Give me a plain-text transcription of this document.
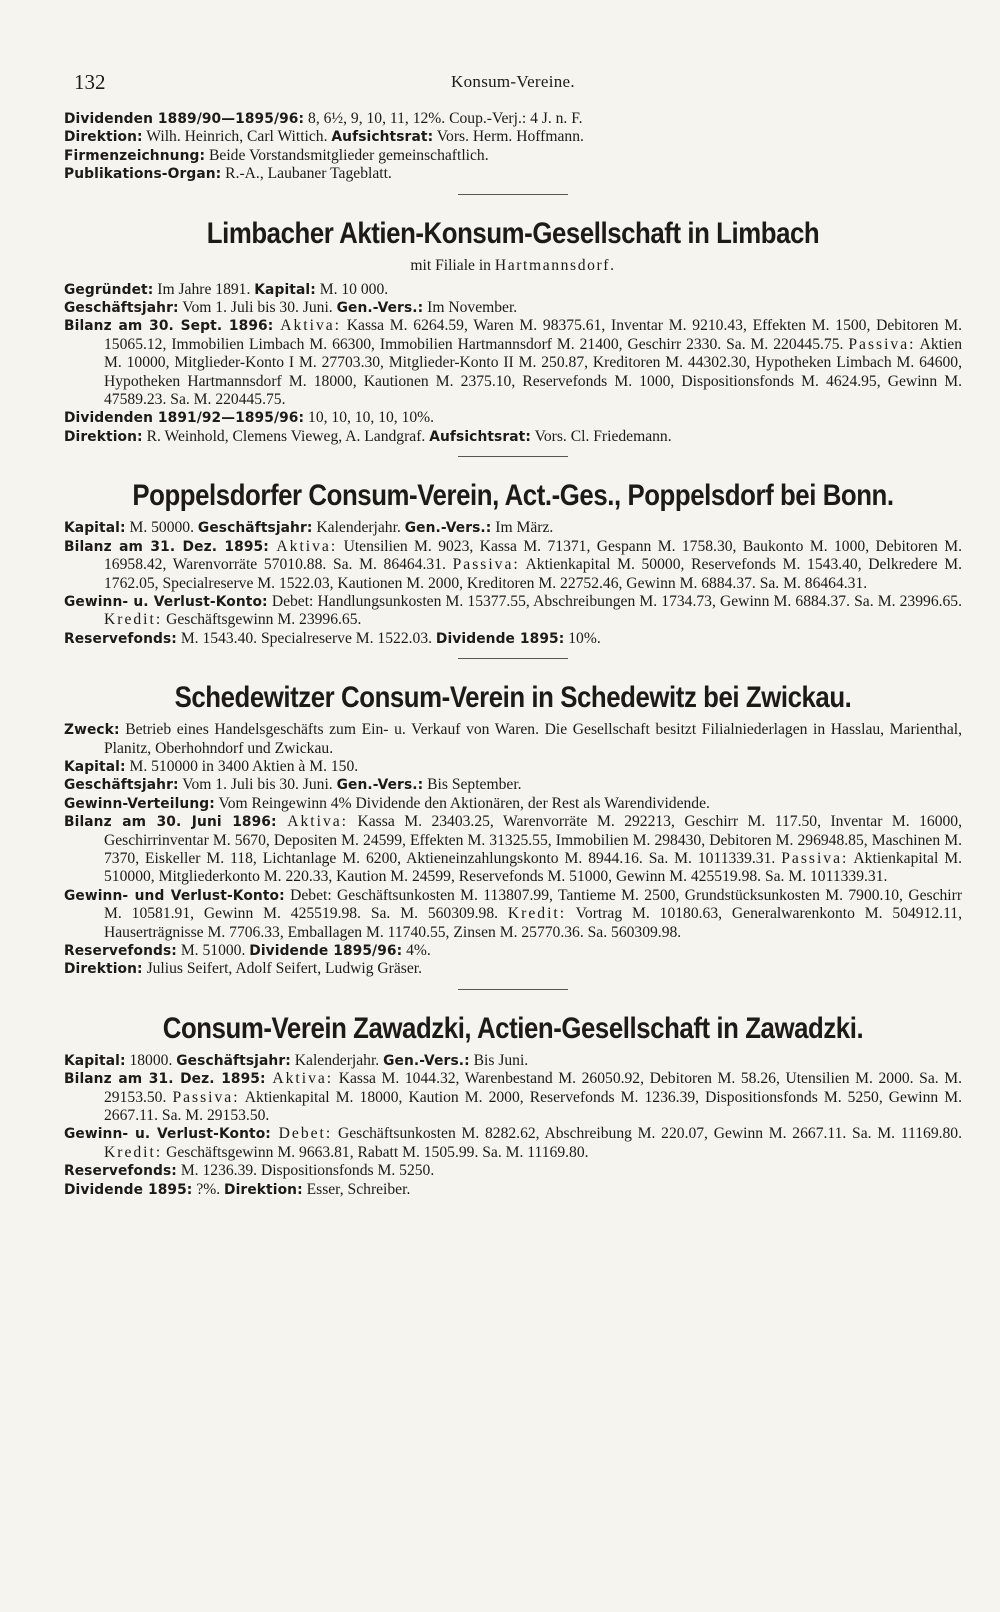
132	Konsum-Vereine.

Dividenden 1889/90—1895/96: 8, 6½, 9, 10, 11, 12%. Coup.-Verj.: 4 J. n. F.

Direktion: Wilh. Heinrich, Carl Wittich. Aufsichtsrat: Vors. Herm. Hoffmann.

Firmenzeichnung: Beide Vorstandsmitglieder gemeinschaftlich.

Publikations-Organ: R.-A., Laubaner Tageblatt.

Limbacher Aktien-Konsum-Gesellschaft in Limbach

mit Filiale in Hartmannsdorf.

Gegründet: Im Jahre 1891. Kapital: M. 10 000.

Geschäftsjahr: Vom 1. Juli bis 30. Juni. Gen.-Vers.: Im November.

Bilanz am 30. Sept. 1896: Aktiva: Kassa M. 6264.59, Waren M. 98375.61, Inventar M. 9210.43, Effekten M. 1500, Debitoren M. 15065.12, Immobilien Limbach M. 66300, Immobilien Hartmannsdorf M. 21400, Geschirr 2330. Sa. M. 220445.75. Passiva: Aktien M. 10000, Mitglieder-Konto I M. 27703.30, Mitglieder-Konto II M. 250.87, Kreditoren M. 44302.30, Hypotheken Limbach M. 64600, Hypotheken Hartmannsdorf M. 18000, Kautionen M. 2375.10, Reservefonds M. 1000, Dispositionsfonds M. 4624.95, Gewinn M. 47589.23. Sa. M. 220445.75.

Dividenden 1891/92—1895/96: 10, 10, 10, 10, 10%.

Direktion: R. Weinhold, Clemens Vieweg, A. Landgraf. Aufsichtsrat: Vors. Cl. Friedemann.

Poppelsdorfer Consum-Verein, Act.-Ges., Poppelsdorf bei Bonn.

Kapital: M. 50000. Geschäftsjahr: Kalenderjahr. Gen.-Vers.: Im März.

Bilanz am 31. Dez. 1895: Aktiva: Utensilien M. 9023, Kassa M. 71371, Gespann M. 1758.30, Baukonto M. 1000, Debitoren M. 16958.42, Warenvorräte 57010.88. Sa. M. 86464.31. Passiva: Aktienkapital M. 50000, Reservefonds M. 1543.40, Delkredere M. 1762.05, Specialreserve M. 1522.03, Kautionen M. 2000, Kreditoren M. 22752.46, Gewinn M. 6884.37. Sa. M. 86464.31.

Gewinn- u. Verlust-Konto: Debet: Handlungsunkosten M. 15377.55, Abschreibungen M. 1734.73, Gewinn M. 6884.37. Sa. M. 23996.65. Kredit: Geschäftsgewinn M. 23996.65.

Reservefonds: M. 1543.40. Specialreserve M. 1522.03. Dividende 1895: 10%.

Schedewitzer Consum-Verein in Schedewitz bei Zwickau.

Zweck: Betrieb eines Handelsgeschäfts zum Ein- u. Verkauf von Waren. Die Gesellschaft besitzt Filialniederlagen in Hasslau, Marienthal, Planitz, Oberhohndorf und Zwickau.

Kapital: M. 510000 in 3400 Aktien à M. 150.

Geschäftsjahr: Vom 1. Juli bis 30. Juni. Gen.-Vers.: Bis September.

Gewinn-Verteilung: Vom Reingewinn 4% Dividende den Aktionären, der Rest als Warendividende.

Bilanz am 30. Juni 1896: Aktiva: Kassa M. 23403.25, Warenvorräte M. 292213, Geschirr M. 117.50, Inventar M. 16000, Geschirrinventar M. 5670, Depositen M. 24599, Effekten M. 31325.55, Immobilien M. 298430, Debitoren M. 296948.85, Maschinen M. 7370, Eiskeller M. 118, Lichtanlage M. 6200, Aktieneinzahlungskonto M. 8944.16. Sa. M. 1011339.31. Passiva: Aktienkapital M. 510000, Mitgliederkonto M. 220.33, Kaution M. 24599, Reservefonds M. 51000, Gewinn M. 425519.98. Sa. M. 1011339.31.

Gewinn- und Verlust-Konto: Debet: Geschäftsunkosten M. 113807.99, Tantieme M. 2500, Grundstücksunkosten M. 7900.10, Geschirr M. 10581.91, Gewinn M. 425519.98. Sa. M. 560309.98. Kredit: Vortrag M. 10180.63, Generalwarenkonto M. 504912.11, Hauserträgnisse M. 7706.33, Emballagen M. 11740.55, Zinsen M. 25770.36. Sa. 560309.98.

Reservefonds: M. 51000. Dividende 1895/96: 4%.

Direktion: Julius Seifert, Adolf Seifert, Ludwig Gräser.

Consum-Verein Zawadzki, Actien-Gesellschaft in Zawadzki.

Kapital: 18000. Geschäftsjahr: Kalenderjahr. Gen.-Vers.: Bis Juni.

Bilanz am 31. Dez. 1895: Aktiva: Kassa M. 1044.32, Warenbestand M. 26050.92, Debitoren M. 58.26, Utensilien M. 2000. Sa. M. 29153.50. Passiva: Aktienkapital M. 18000, Kaution M. 2000, Reservefonds M. 1236.39, Dispositionsfonds M. 5250, Gewinn M. 2667.11. Sa. M. 29153.50.

Gewinn- u. Verlust-Konto: Debet: Geschäftsunkosten M. 8282.62, Abschreibung M. 220.07, Gewinn M. 2667.11. Sa. M. 11169.80. Kredit: Geschäftsgewinn M. 9663.81, Rabatt M. 1505.99. Sa. M. 11169.80.

Reservefonds: M. 1236.39. Dispositionsfonds M. 5250.

Dividende 1895: ?%. Direktion: Esser, Schreiber.
